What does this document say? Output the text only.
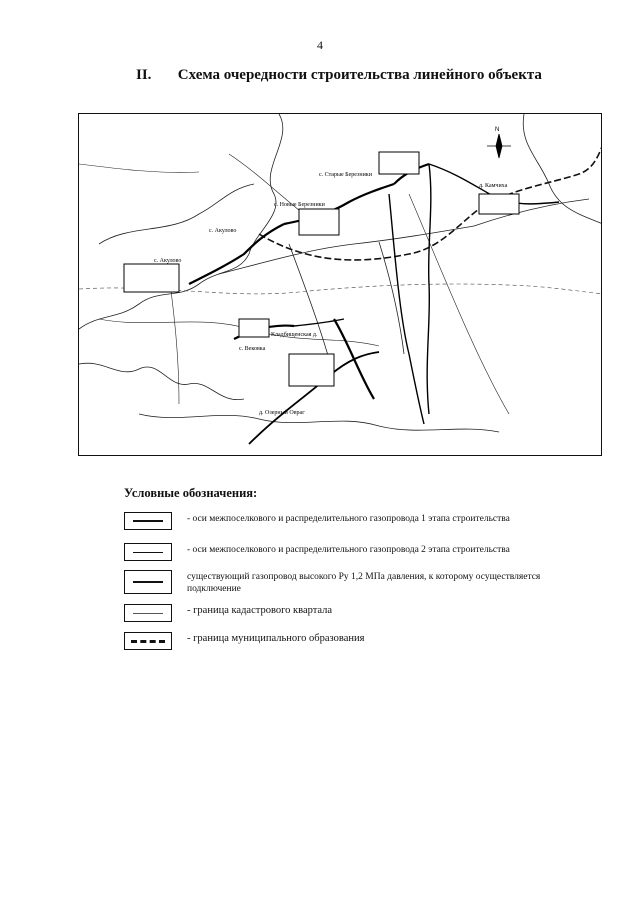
4
II. Схема очередности строительства линейного объекта
с. Старые Березники
с. Новые Березники
д. Камчиха
с. Акулово
с. Акулово
с. Вековка
Кладбищенская д.
д. Озерный Овраг
N
Условные обозначения:
- оси межпоселкового и распределительного газопровода 1 этапа строительства
- оси межпоселкового и распределительного газопровода 2 этапа строительства
существующий газопровод высокого Ру 1,2 МПа давления, к которому осуществляется подключение
- граница кадастрового квартала
- граница муниципального образования
